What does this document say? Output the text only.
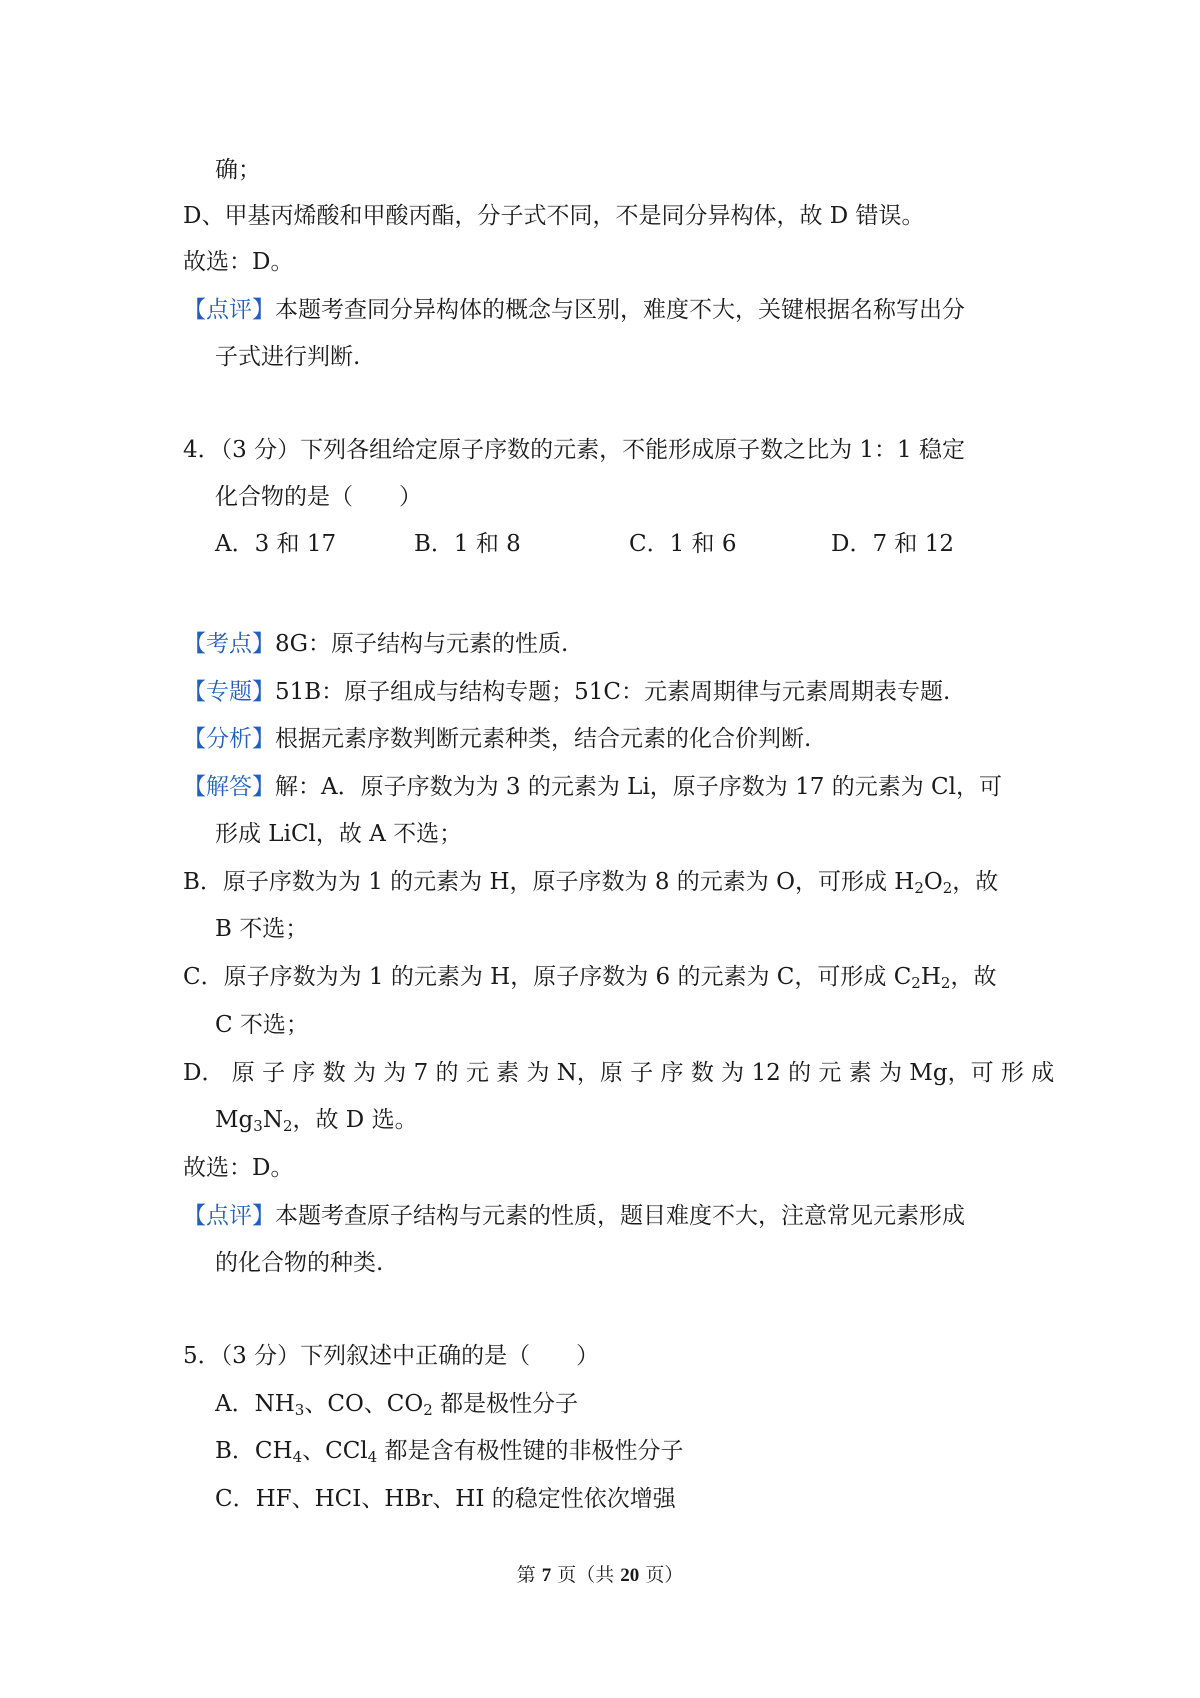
确；
D、甲基丙烯酸和甲酸丙酯，分子式不同，不是同分异构体，故 D 错误。
故选：D。
【点评】本题考查同分异构体的概念与区别，难度不大，关键根据名称写出分
子式进行判断.
4．（3 分）下列各组给定原子序数的元素，不能形成原子数之比为 1：1 稳定
化合物的是（　　）
A．3 和 17	B．1 和 8	C．1 和 6	D．7 和 12
【考点】8G：原子结构与元素的性质.
【专题】51B：原子组成与结构专题；51C：元素周期律与元素周期表专题.
【分析】根据元素序数判断元素种类，结合元素的化合价判断.
【解答】解：A．原子序数为为 3 的元素为 Li，原子序数为 17 的元素为 Cl，可
形成 LiCl，故 A 不选；
B．原子序数为为 1 的元素为 H，原子序数为 8 的元素为 O，可形成 $H_2O_2$，故
B 不选；
C．原子序数为为 1 的元素为 H，原子序数为 6 的元素为 C，可形成 $C_2H_2$，故
C 不选；
D． 原 子 序 数 为 为 7 的 元 素 为 N，原 子 序 数 为 12 的 元 素 为 Mg，可 形 成
$Mg_3N_2$，故 D 选。
故选：D。
【点评】本题考查原子结构与元素的性质，题目难度不大，注意常见元素形成
的化合物的种类.
5．（3 分）下列叙述中正确的是（　　）
A．$NH_3$、CO、$CO_2$ 都是极性分子
B．$CH_4$、CCl$_4$ 都是含有极性键的非极性分子
C．HF、HCI、HBr、HI 的稳定性依次增强
第 7 页（共 20 页）
